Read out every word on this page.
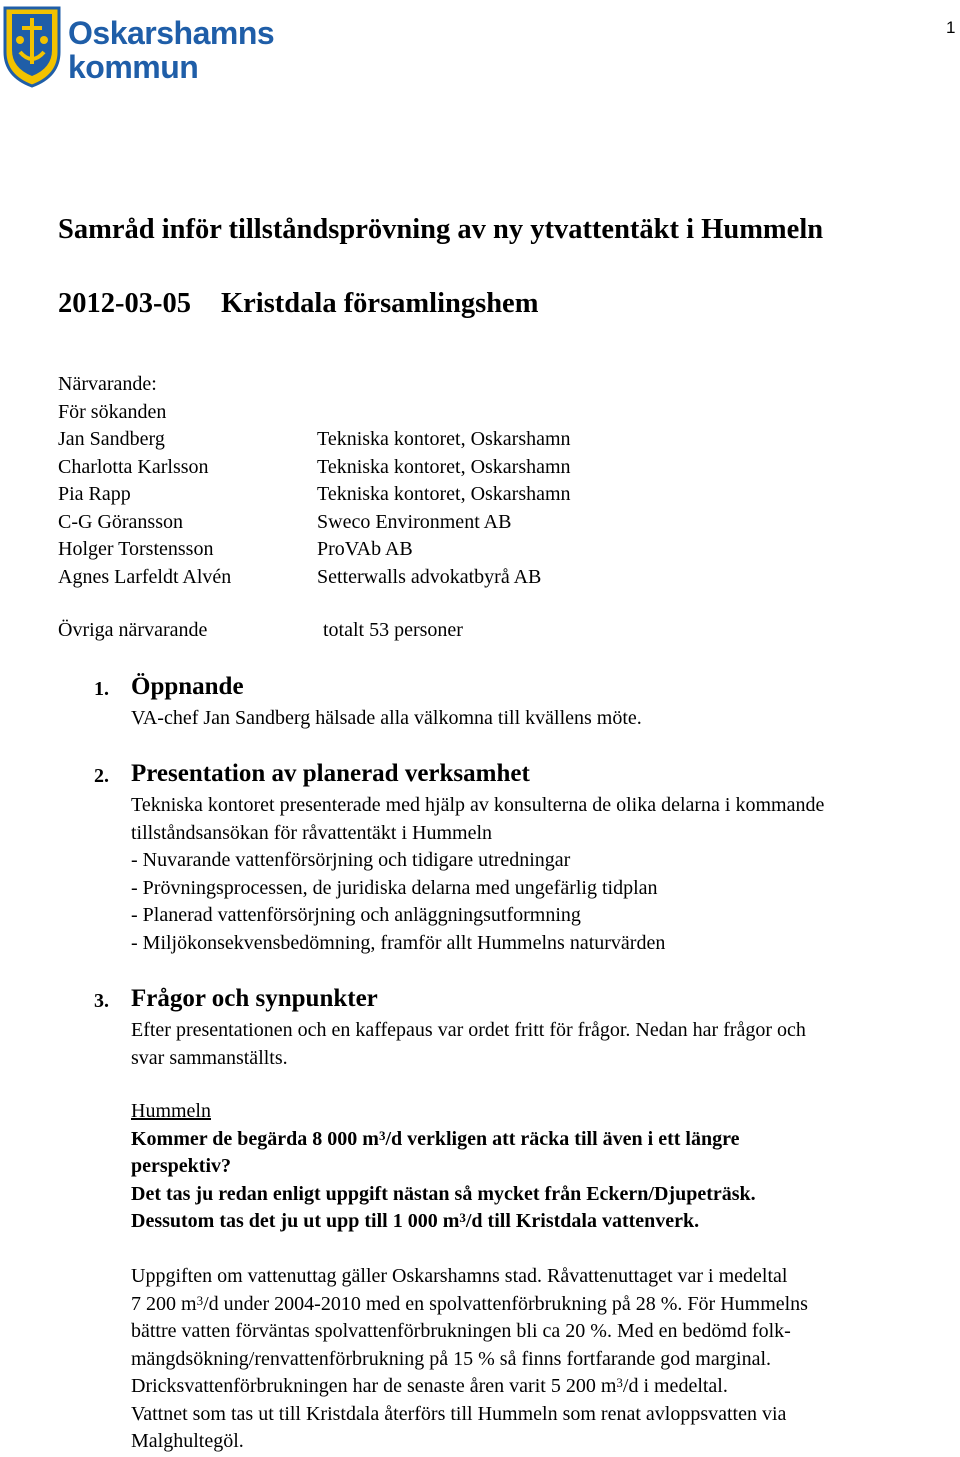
1
Oskarshamns
kommun
Samråd inför tillståndsprövning av ny ytvattentäkt i Hummeln
2012-03-05 Kristdala församlingshem
Närvarande:
För sökanden
Jan Sandberg	Tekniska kontoret, Oskarshamn
Charlotta Karlsson	Tekniska kontoret, Oskarshamn
Pia Rapp	Tekniska kontoret, Oskarshamn
C-G Göransson	Sweco Environment AB
Holger Torstensson	ProVAb AB
Agnes Larfeldt Alvén	Setterwalls advokatbyrå AB
Övriga närvarande	totalt 53 personer
1. Öppnande
VA-chef Jan Sandberg hälsade alla välkomna till kvällens möte.
2. Presentation av planerad verksamhet
Tekniska kontoret presenterade med hjälp av konsulterna de olika delarna i kommande
tillståndsansökan för råvattentäkt i Hummeln
- Nuvarande vattenförsörjning och tidigare utredningar
- Prövningsprocessen, de juridiska delarna med ungefärlig tidplan
- Planerad vattenförsörjning och anläggningsutformning
- Miljökonsekvensbedömning, framför allt Hummelns naturvärden
3. Frågor och synpunkter
Efter presentationen och en kaffepaus var ordet fritt för frågor. Nedan har frågor och
svar sammanställts.
Hummeln
Kommer de begärda 8 000 $m^3/d$ verkligen att räcka till även i ett längre
perspektiv?
Det tas ju redan enligt uppgift nästan så mycket från Eckern/Djupeträsk.
Dessutom tas det ju ut upp till 1 000 $m^3/d$ till Kristdala vattenverk.
Uppgiften om vattenuttag gäller Oskarshamns stad. Råvattenuttaget var i medeltal
7 200 $m^3/d$ under 2004-2010 med en spolvattenförbrukning på 28 %. För Hummelns
bättre vatten förväntas spolvattenförbrukningen bli ca 20 %. Med en bedömd folk-
mängdsökning/renvattenförbrukning på 15 % så finns fortfarande god marginal.
Dricksvattenförbrukningen har de senaste åren varit 5 200 $m^3/d$ i medeltal.
Vattnet som tas ut till Kristdala återförs till Hummeln som renat avloppsvatten via
Malghultegöl.
